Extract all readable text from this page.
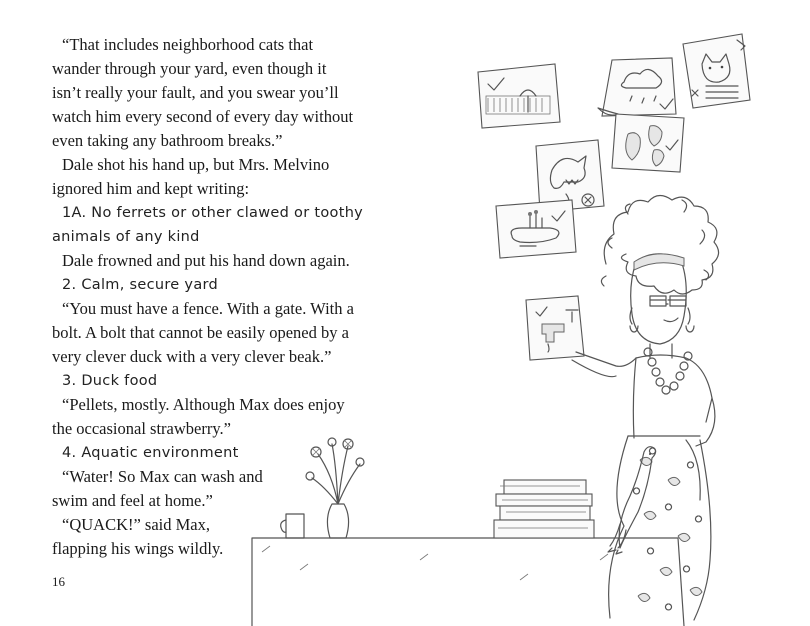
“That includes neighborhood cats that
wander through your yard, even though it
isn’t really your fault, and you swear you’ll
watch him every second of every day without
even taking any bathroom breaks.”
Dale shot his hand up, but Mrs. Melvino
ignored him and kept writing:
1A. No ferrets or other clawed or toothy
animals of any kind
Dale frowned and put his hand down again.
2. Calm, secure yard
“You must have a fence. With a gate. With a
bolt. A bolt that cannot be easily opened by a
very clever duck with a very clever beak.”
3. Duck food
“Pellets, mostly. Although Max does enjoy
the occasional strawberry.”
4. Aquatic environment
“Water! So Max can wash and
swim and feel at home.”
“QUACK!” said Max,
flapping his wings wildly.
16
